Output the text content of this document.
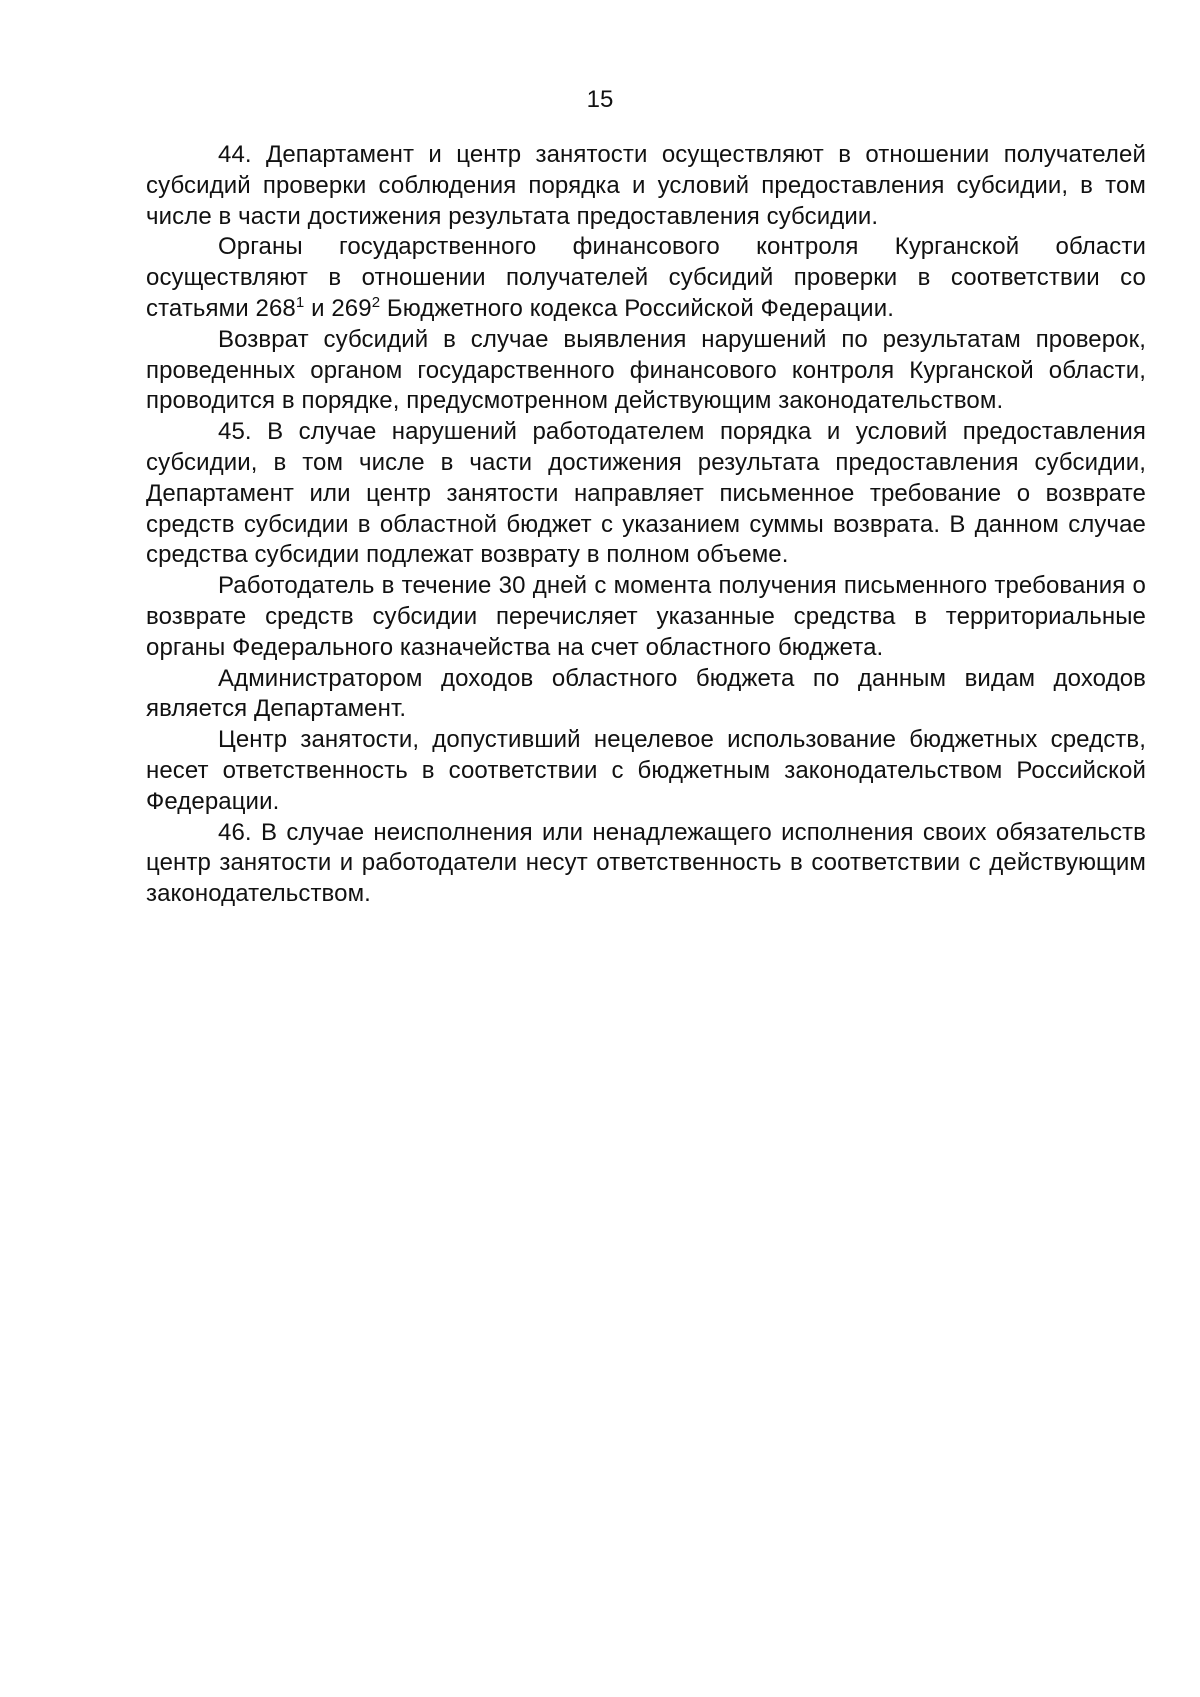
15

44. Департамент и центр занятости осуществляют в отношении получателей субсидий проверки соблюдения порядка и условий предоставления субсидии, в том числе в части достижения результата предоставления субсидии.

Органы государственного финансового контроля Курганской области осуществляют в отношении получателей субсидий проверки в соответствии со статьями $268^1$ и $269^2$ Бюджетного кодекса Российской Федерации.

Возврат субсидий в случае выявления нарушений по результатам проверок, проведенных органом государственного финансового контроля Курганской области, проводится в порядке, предусмотренном действующим законодательством.

45. В случае нарушений работодателем порядка и условий предоставления субсидии, в том числе в части достижения результата предоставления субсидии, Департамент или центр занятости направляет письменное требование о возврате средств субсидии в областной бюджет с указанием суммы возврата. В данном случае средства субсидии подлежат возврату в полном объеме.

Работодатель в течение 30 дней с момента получения письменного требования о возврате средств субсидии перечисляет указанные средства в территориальные органы Федерального казначейства на счет областного бюджета.

Администратором доходов областного бюджета по данным видам доходов является Департамент.

Центр занятости, допустивший нецелевое использование бюджетных средств, несет ответственность в соответствии с бюджетным законодательством Российской Федерации.

46. В случае неисполнения или ненадлежащего исполнения своих обязательств центр занятости и работодатели несут ответственность в соответствии с действующим законодательством.
